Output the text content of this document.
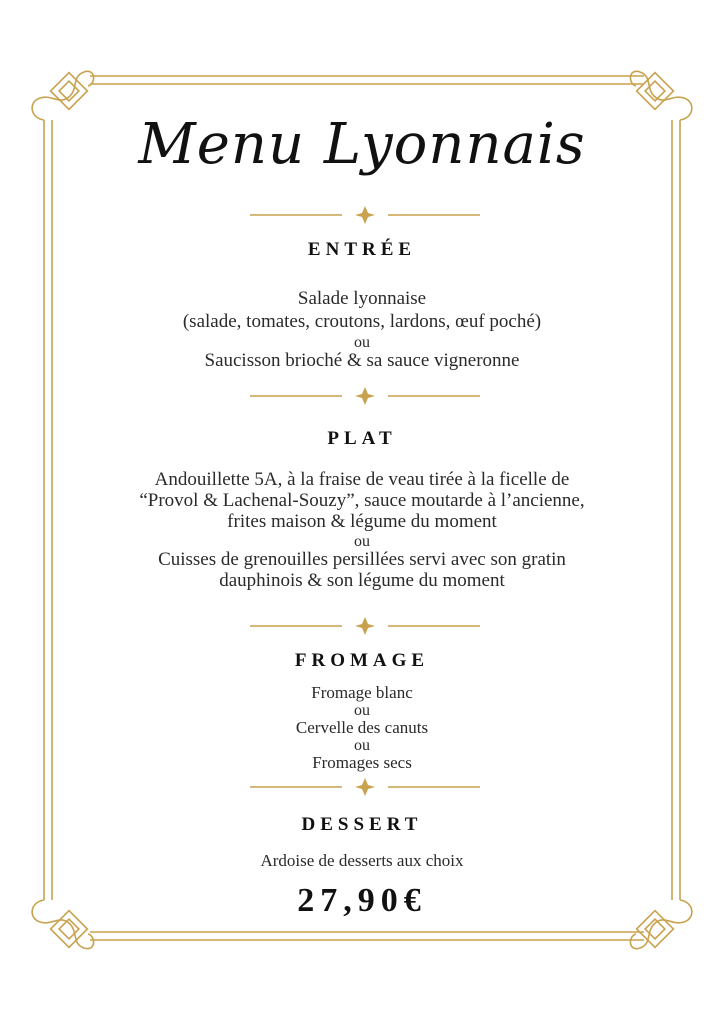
Menu Lyonnais
ENTRÉE
Salade lyonnaise
(salade, tomates, croutons, lardons, œuf poché)
ou
Saucisson brioché & sa sauce vigneronne
PLAT
Andouillette 5A, à la fraise de veau tirée à la ficelle de
“Provol & Lachenal-Souzy”, sauce moutarde à l’ancienne,
frites maison & légume du moment
ou
Cuisses de grenouilles persillées servi avec son gratin
dauphinois & son légume du moment
FROMAGE
Fromage blanc
ou
Cervelle des canuts
ou
Fromages secs
DESSERT
Ardoise de desserts aux choix
27,90€
